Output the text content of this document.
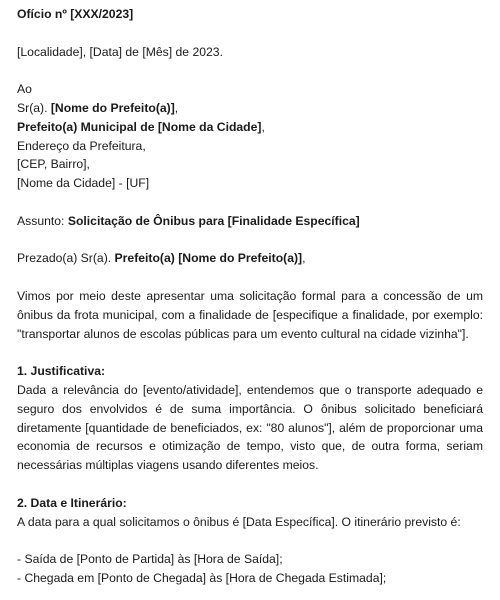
Ofício nº [XXX/2023]
[Localidade], [Data] de [Mês] de 2023.
Ao
Sr(a). [Nome do Prefeito(a)],
Prefeito(a) Municipal de [Nome da Cidade],
Endereço da Prefeitura,
[CEP, Bairro],
[Nome da Cidade] - [UF]
Assunto: Solicitação de Ônibus para [Finalidade Específica]
Prezado(a) Sr(a). Prefeito(a) [Nome do Prefeito(a)],
Vimos por meio deste apresentar uma solicitação formal para a concessão de um ônibus da frota municipal, com a finalidade de [especifique a finalidade, por exemplo: "transportar alunos de escolas públicas para um evento cultural na cidade vizinha"].
1. Justificativa:
Dada a relevância do [evento/atividade], entendemos que o transporte adequado e seguro dos envolvidos é de suma importância. O ônibus solicitado beneficiará diretamente [quantidade de beneficiados, ex: "80 alunos"], além de proporcionar uma economia de recursos e otimização de tempo, visto que, de outra forma, seriam necessárias múltiplas viagens usando diferentes meios.
2. Data e Itinerário:
A data para a qual solicitamos o ônibus é [Data Específica]. O itinerário previsto é:
- Saída de [Ponto de Partida] às [Hora de Saída];
- Chegada em [Ponto de Chegada] às [Hora de Chegada Estimada];
